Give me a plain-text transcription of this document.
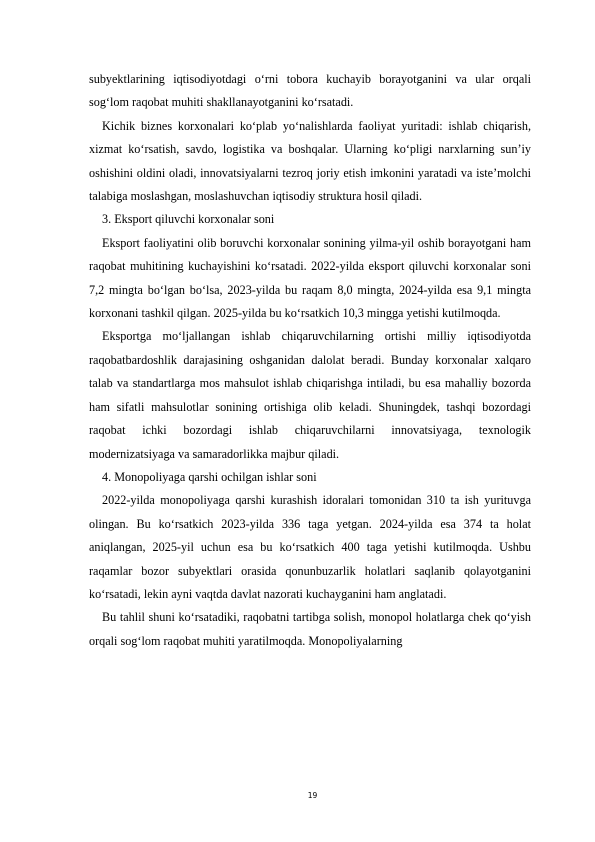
subyektlarining iqtisodiyotdagi o‘rni tobora kuchayib borayotganini va ular orqali sog‘lom raqobat muhiti shakllanayotganini ko‘rsatadi.

Kichik biznes korxonalari ko‘plab yo‘nalishlarda faoliyat yuritadi: ishlab chiqarish, xizmat ko‘rsatish, savdo, logistika va boshqalar. Ularning ko‘pligi narxlarning sun’iy oshishini oldini oladi, innovatsiyalarni tezroq joriy etish imkonini yaratadi va iste’molchi talabiga moslashgan, moslashuvchan iqtisodiy struktura hosil qiladi.

3. Eksport qiluvchi korxonalar soni

Eksport faoliyatini olib boruvchi korxonalar sonining yilma-yil oshib borayotgani ham raqobat muhitining kuchayishini ko‘rsatadi. 2022-yilda eksport qiluvchi korxonalar soni 7,2 mingta bo‘lgan bo‘lsa, 2023-yilda bu raqam 8,0 mingta, 2024-yilda esa 9,1 mingta korxonani tashkil qilgan. 2025-yilda bu ko‘rsatkich 10,3 mingga yetishi kutilmoqda.

Eksportga mo‘ljallangan ishlab chiqaruvchilarning ortishi milliy iqtisodiyotda raqobatbardoshlik darajasining oshganidan dalolat beradi. Bunday korxonalar xalqaro talab va standartlarga mos mahsulot ishlab chiqarishga intiladi, bu esa mahalliy bozorda ham sifatli mahsulotlar sonining ortishiga olib keladi. Shuningdek, tashqi bozordagi raqobat ichki bozordagi ishlab chiqaruvchilarni innovatsiyaga, texnologik modernizatsiyaga va samaradorlikka majbur qiladi.

4. Monopoliyaga qarshi ochilgan ishlar soni

2022-yilda monopoliyaga qarshi kurashish idoralari tomonidan 310 ta ish yurituvga olingan. Bu ko‘rsatkich 2023-yilda 336 taga yetgan. 2024-yilda esa 374 ta holat aniqlangan, 2025-yil uchun esa bu ko‘rsatkich 400 taga yetishi kutilmoqda. Ushbu raqamlar bozor subyektlari orasida qonunbuzarlik holatlari saqlanib qolayotganini ko‘rsatadi, lekin ayni vaqtda davlat nazorati kuchayganini ham anglatadi.

Bu tahlil shuni ko‘rsatadiki, raqobatni tartibga solish, monopol holatlarga chek qo‘yish orqali sog‘lom raqobat muhiti yaratilmoqda. Monopoliyalarning

19
